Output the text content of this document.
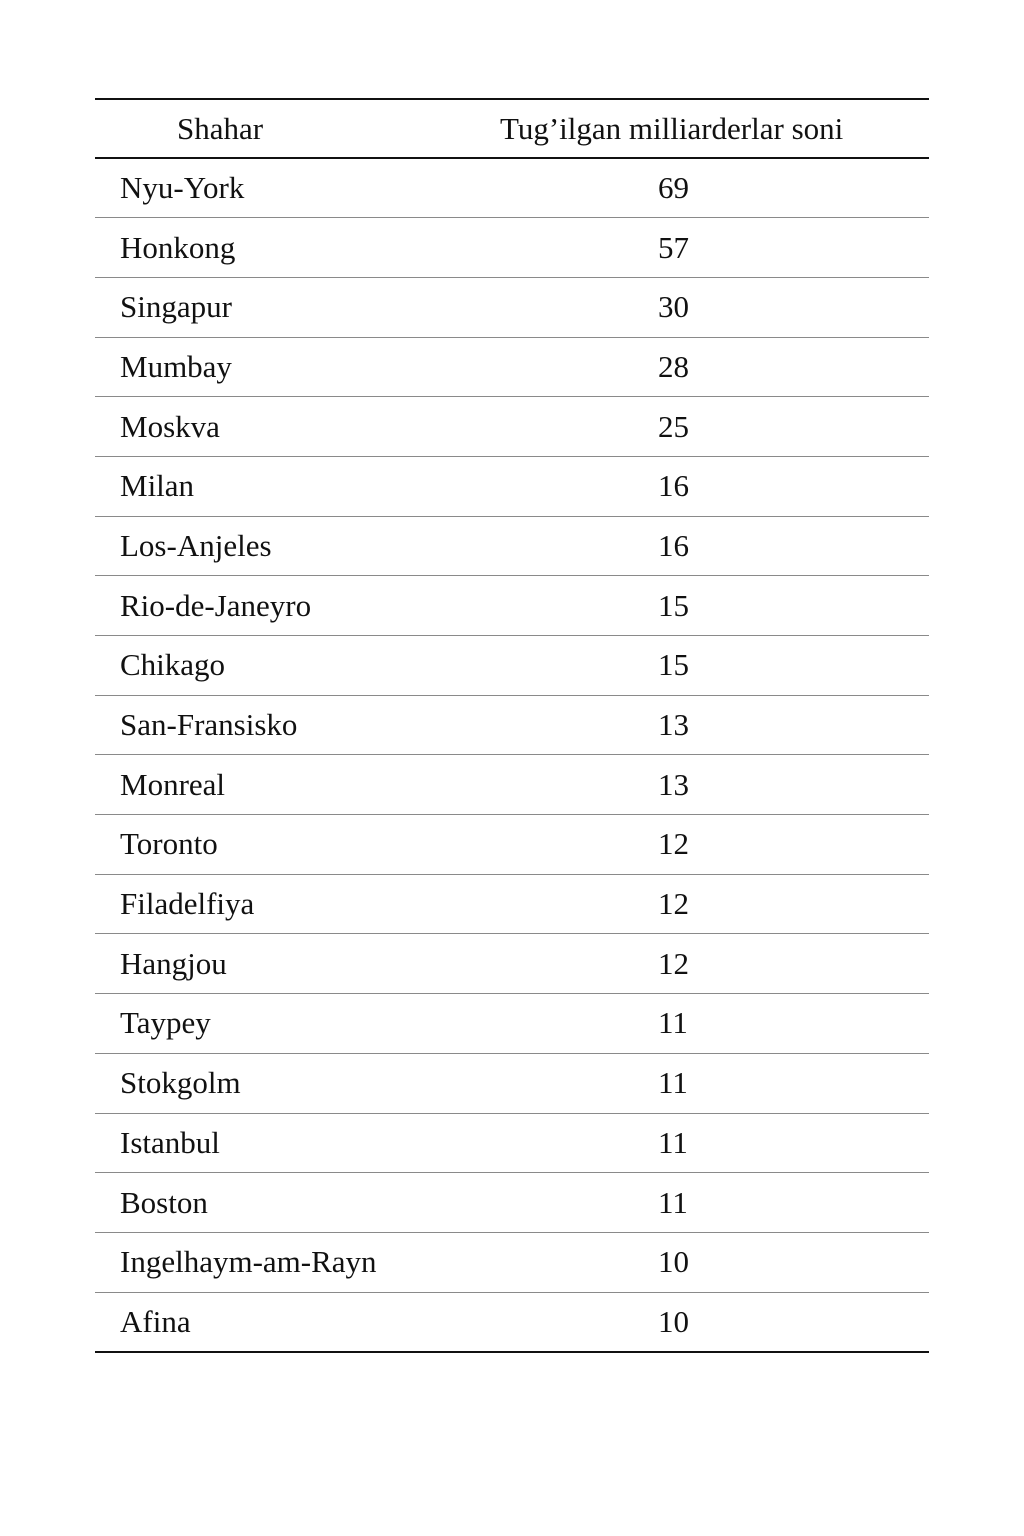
Shahar	Tug’ilgan milliarderlar soni
Nyu-York	69
Honkong	57
Singapur	30
Mumbay	28
Moskva	25
Milan	16
Los-Anjeles	16
Rio-de-Janeyro	15
Chikago	15
San-Fransisko	13
Monreal	13
Toronto	12
Filadelfiya	12
Hangjou	12
Taypey	11
Stokgolm	11
Istanbul	11
Boston	11
Ingelhaym-am-Rayn	10
Afina	10
